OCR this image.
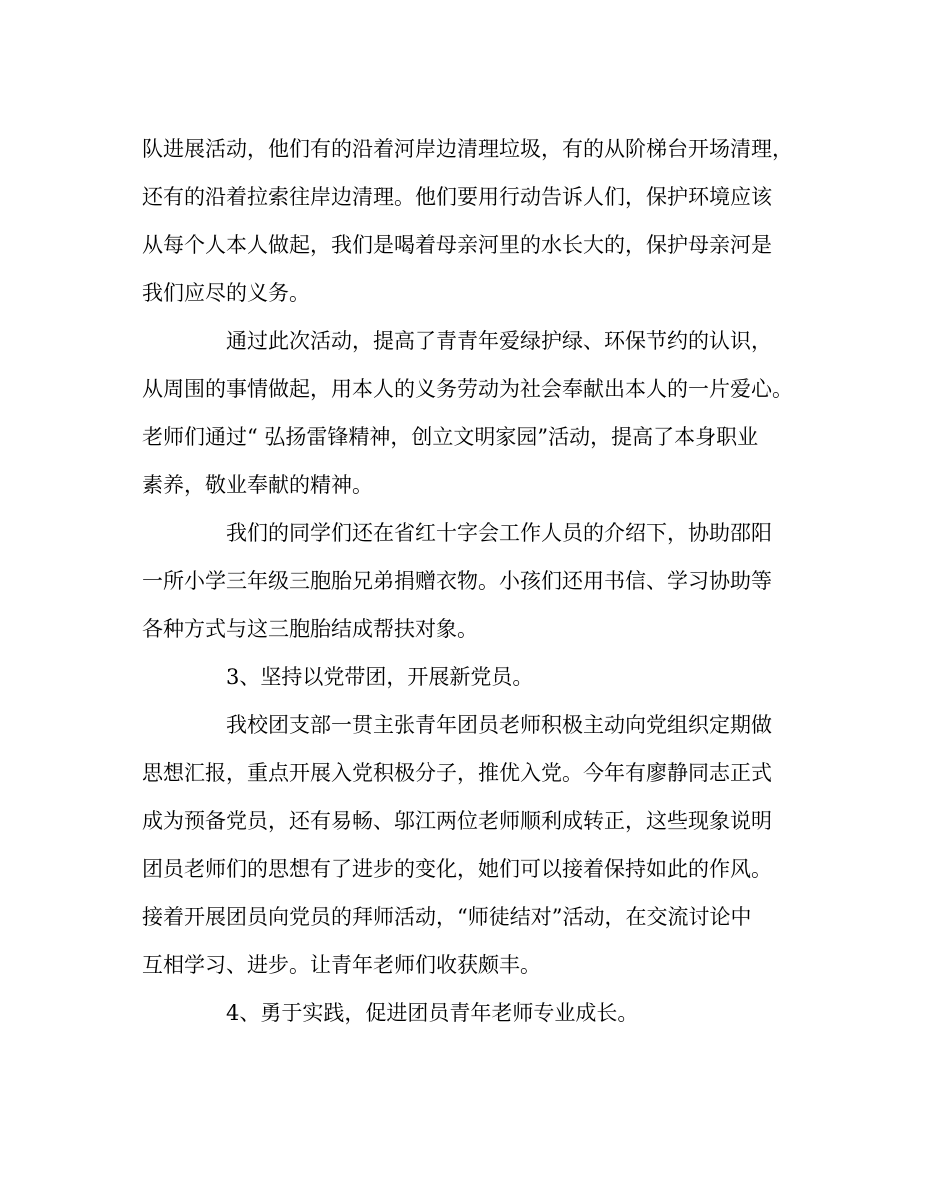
队进展活动，他们有的沿着河岸边清理垃圾，有的从阶梯台开场清理，
还有的沿着拉索往岸边清理。他们要用行动告诉人们，保护环境应该
从每个人本人做起，我们是喝着母亲河里的水长大的，保护母亲河是
我们应尽的义务。
通过此次活动，提高了青青年爱绿护绿、环保节约的认识，
从周围的事情做起，用本人的义务劳动为社会奉献出本人的一片爱心。
老师们通过“ 弘扬雷锋精神，创立文明家园”活动，提高了本身职业
素养，敬业奉献的精神。
我们的同学们还在省红十字会工作人员的介绍下，协助邵阳
一所小学三年级三胞胎兄弟捐赠衣物。小孩们还用书信、学习协助等
各种方式与这三胞胎结成帮扶对象。
3、坚持以党带团，开展新党员。
我校团支部一贯主张青年团员老师积极主动向党组织定期做
思想汇报，重点开展入党积极分子，推优入党。今年有廖静同志正式
成为预备党员，还有易畅、邬江两位老师顺利成转正，这些现象说明
团员老师们的思想有了进步的变化，她们可以接着保持如此的作风。
接着开展团员向党员的拜师活动，“师徒结对”活动，在交流讨论中
互相学习、进步。让青年老师们收获颇丰。
4、勇于实践，促进团员青年老师专业成长。
